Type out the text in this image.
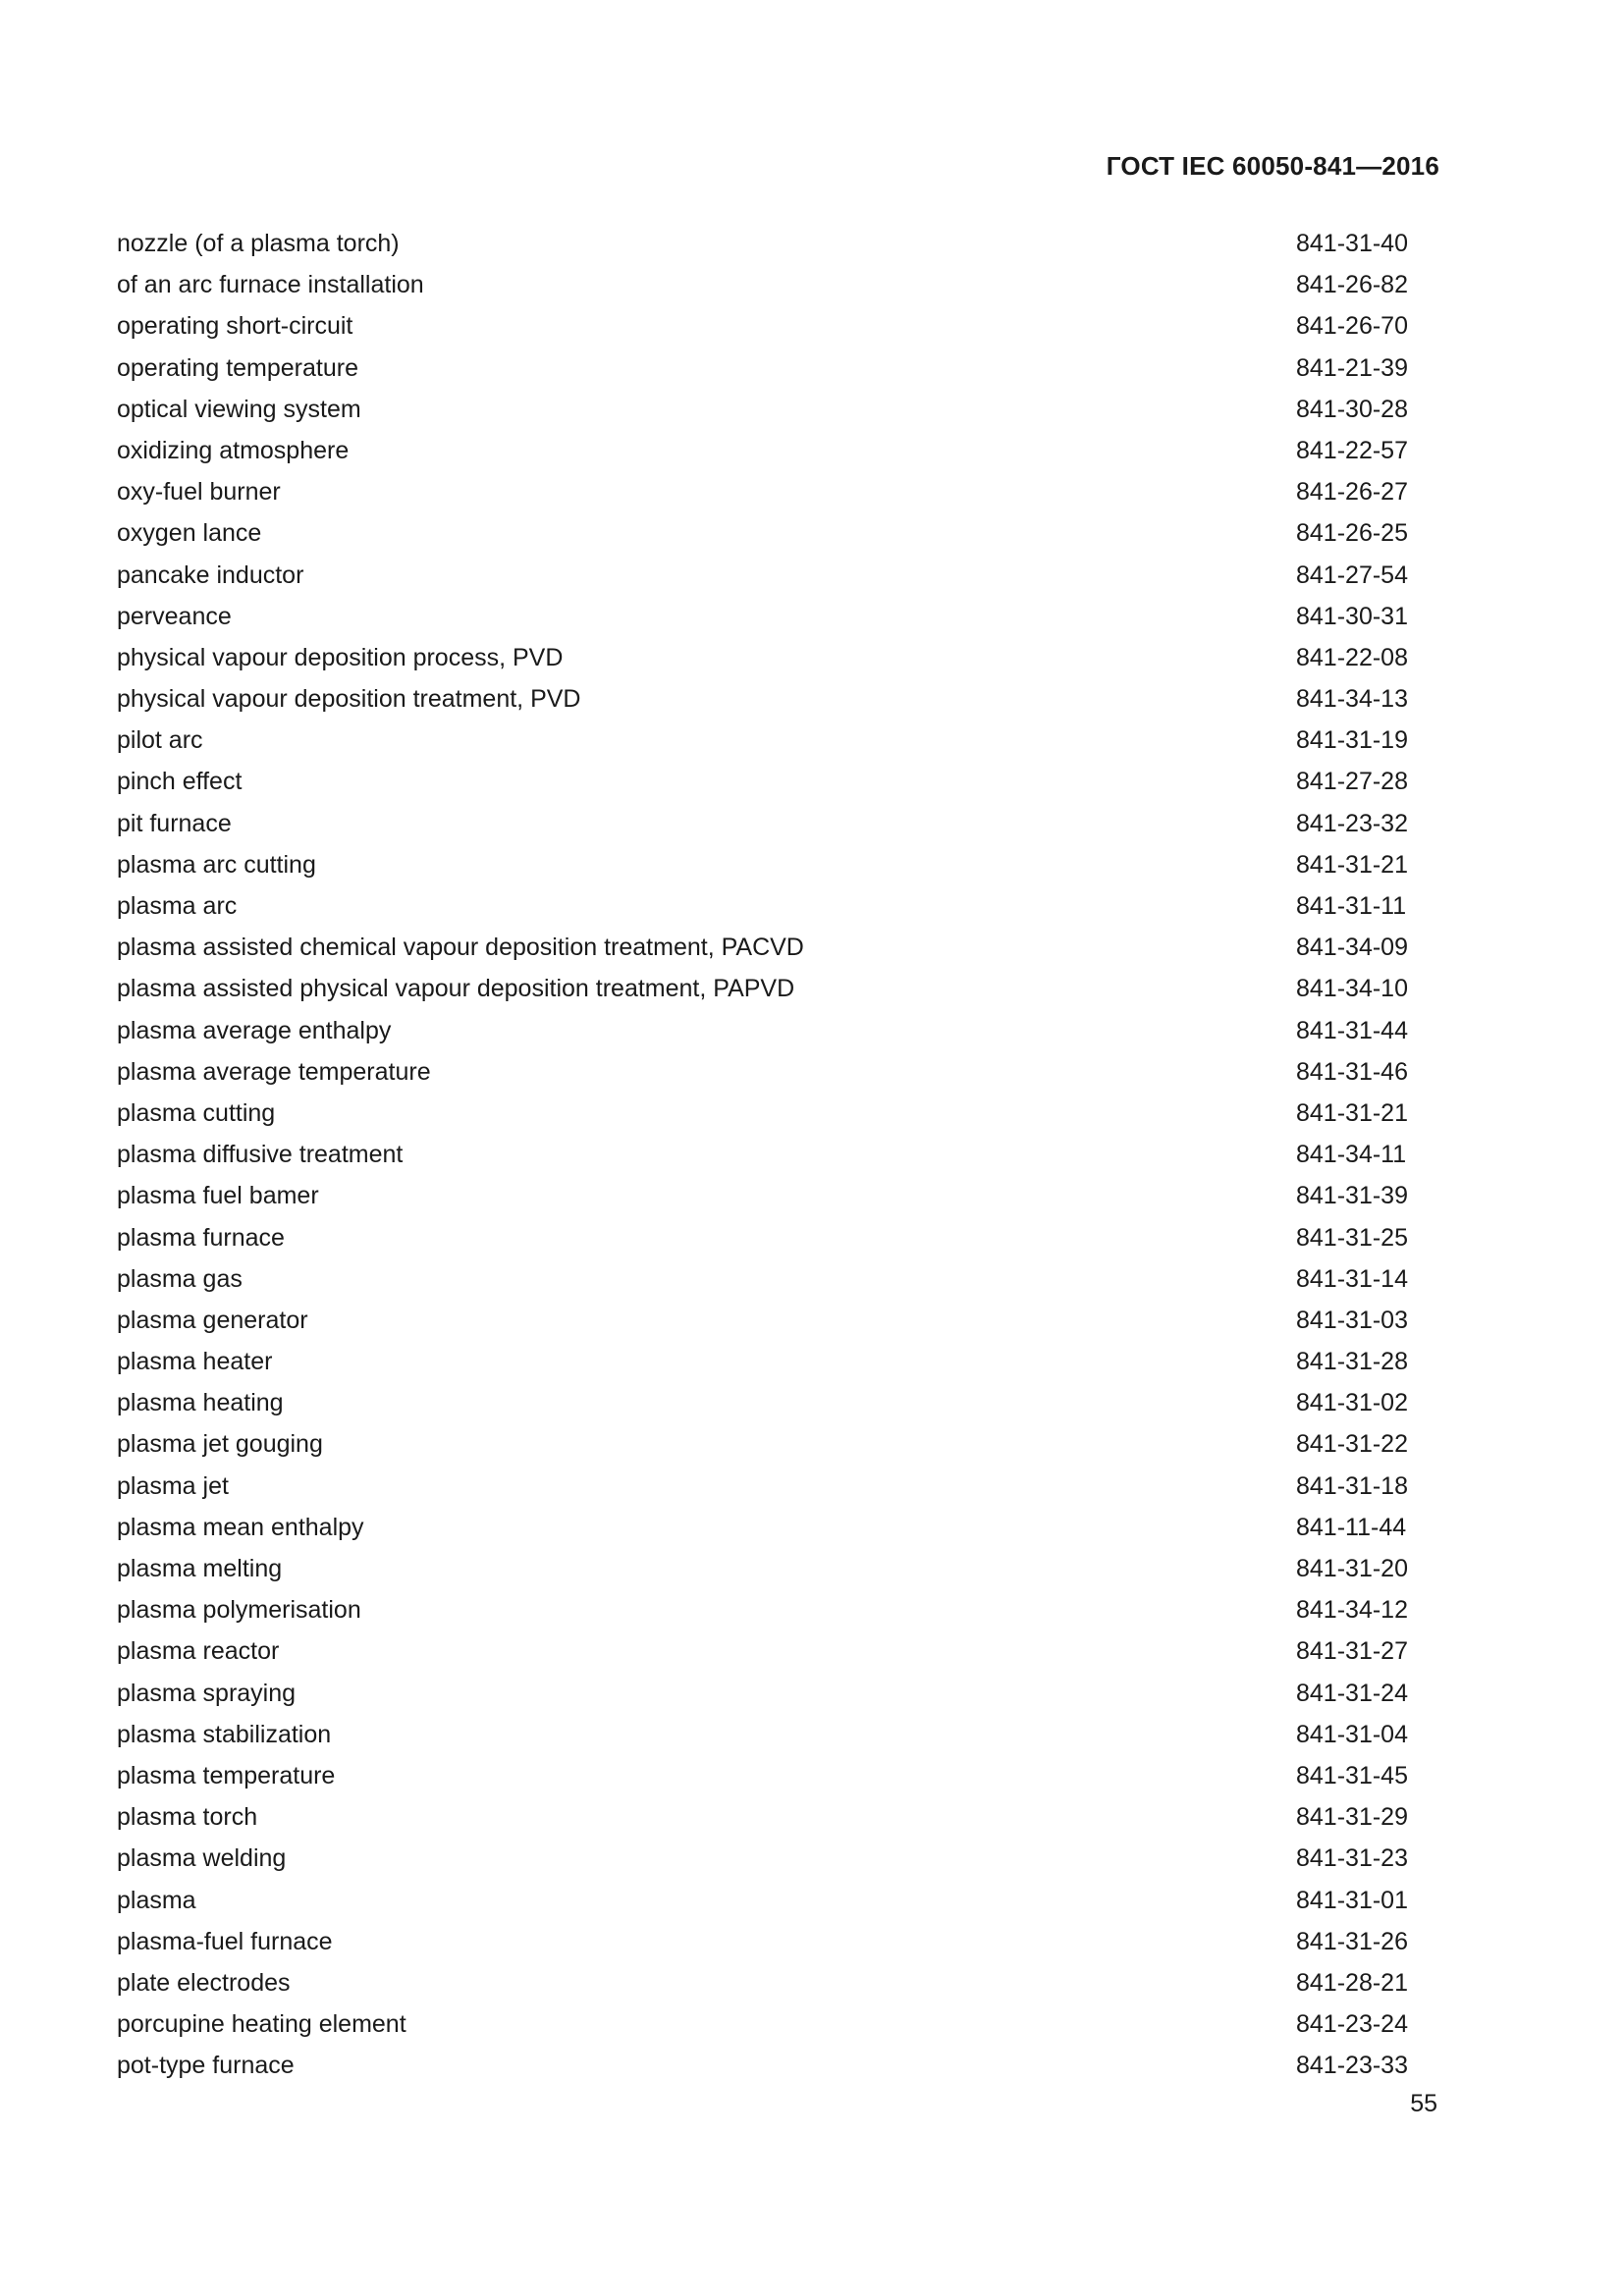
ГОСТ IEC 60050-841—2016
nozzle (of a plasma torch)	841-31-40
of an arc furnace installation	841-26-82
operating short-circuit	841-26-70
operating temperature	841-21-39
optical viewing system	841-30-28
oxidizing atmosphere	841-22-57
oxy-fuel burner	841-26-27
oxygen lance	841-26-25
pancake inductor	841-27-54
perveance	841-30-31
physical vapour deposition process, PVD	841-22-08
physical vapour deposition treatment, PVD	841-34-13
pilot arc	841-31-19
pinch effect	841-27-28
pit furnace	841-23-32
plasma arc cutting	841-31-21
plasma arc	841-31-11
plasma assisted chemical vapour deposition treatment, PACVD	841-34-09
plasma assisted physical vapour deposition treatment, PAPVD	841-34-10
plasma average enthalpy	841-31-44
plasma average temperature	841-31-46
plasma cutting	841-31-21
plasma diffusive treatment	841-34-11
plasma fuel bamer	841-31-39
plasma furnace	841-31-25
plasma gas	841-31-14
plasma generator	841-31-03
plasma heater	841-31-28
plasma heating	841-31-02
plasma jet gouging	841-31-22
plasma jet	841-31-18
plasma mean enthalpy	841-11-44
plasma melting	841-31-20
plasma polymerisation	841-34-12
plasma reactor	841-31-27
plasma spraying	841-31-24
plasma stabilization	841-31-04
plasma temperature	841-31-45
plasma torch	841-31-29
plasma welding	841-31-23
plasma	841-31-01
plasma-fuel furnace	841-31-26
plate electrodes	841-28-21
porcupine heating element	841-23-24
pot-type furnace	841-23-33
55
